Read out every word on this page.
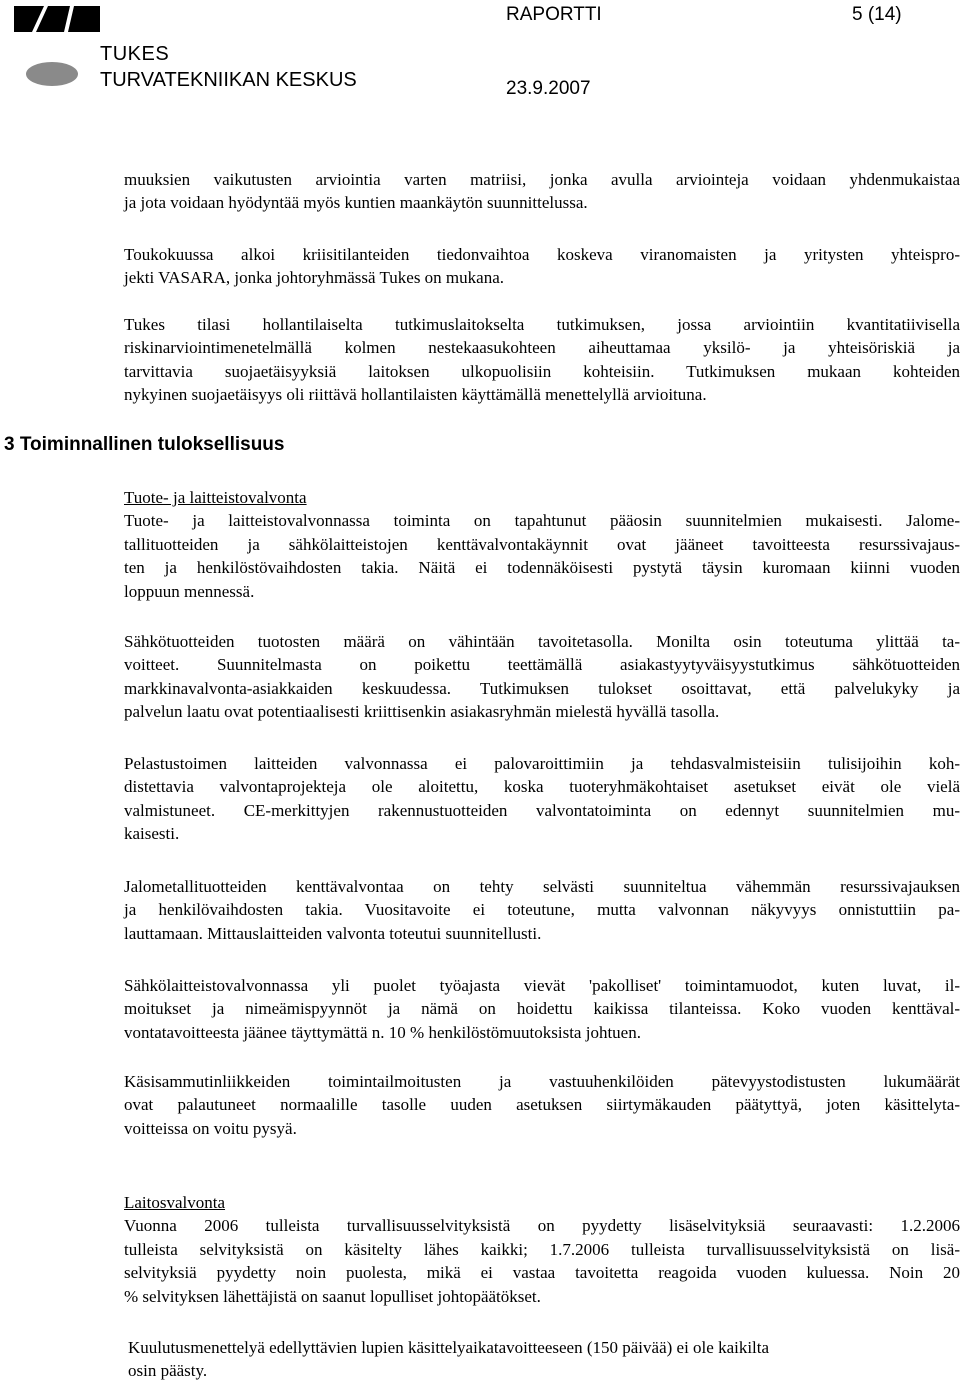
TUKES
TURVATEKNIIKAN KESKUS
RAPORTTI	5 (14)
23.9.2007

muuksien vaikutusten arviointia varten matriisi, jonka avulla arviointeja voidaan yhdenmukaistaa
ja jota voidaan hyödyntää myös kuntien maankäytön suunnittelussa.

Toukokuussa alkoi kriisitilanteiden tiedonvaihtoa koskeva viranomaisten ja yritysten yhteispro-
jekti VASARA, jonka johtoryhmässä Tukes on mukana.

Tukes tilasi hollantilaiselta tutkimuslaitokselta tutkimuksen, jossa arviointiin kvantitatiivisella
riskinarviointimenetelmällä kolmen nestekaasukohteen aiheuttamaa yksilö- ja yhteisöriskiä ja
tarvittavia suojaetäisyyksiä laitoksen ulkopuolisiin kohteisiin. Tutkimuksen mukaan kohteiden
nykyinen suojaetäisyys oli riittävä hollantilaisten käyttämällä menettelyllä arvioituna.

3 Toiminnallinen tuloksellisuus

Tuote- ja laitteistovalvonta
Tuote- ja laitteistovalvonnassa toiminta on tapahtunut pääosin suunnitelmien mukaisesti. Jalome-
tallituotteiden ja sähkölaitteistojen kenttävalvontakäynnit ovat jääneet tavoitteesta resurssivajaus-
ten ja henkilöstövaihdosten takia. Näitä ei todennäköisesti pystytä täysin kuromaan kiinni vuoden
loppuun mennessä.

Sähkötuotteiden tuotosten määrä on vähintään tavoitetasolla. Monilta osin toteutuma ylittää ta-
voitteet. Suunnitelmasta on poikettu teettämällä asiakastyytyväisyystutkimus sähkötuotteiden
markkinavalvonta-asiakkaiden keskuudessa. Tutkimuksen tulokset osoittavat, että palvelukyky ja
palvelun laatu ovat potentiaalisesti kriittisenkin asiakasryhmän mielestä hyvällä tasolla.

Pelastustoimen laitteiden valvonnassa ei palovaroittimiin ja tehdasvalmisteisiin tulisijoihin koh-
distettavia valvontaprojekteja ole aloitettu, koska tuoteryhmäkohtaiset asetukset eivät ole vielä
valmistuneet. CE-merkittyjen rakennustuotteiden valvontatoiminta on edennyt suunnitelmien mu-
kaisesti.

Jalometallituotteiden kenttävalvontaa on tehty selvästi suunniteltua vähemmän resurssivajauksen
ja henkilövaihdosten takia. Vuositavoite ei toteutune, mutta valvonnan näkyvyys onnistuttiin pa-
lauttamaan. Mittauslaitteiden valvonta toteutui suunnitellusti.

Sähkölaitteistovalvonnassa yli puolet työajasta vievät 'pakolliset' toimintamuodot, kuten luvat, il-
moitukset ja nimeämispyynnöt ja nämä on hoidettu kaikissa tilanteissa. Koko vuoden kenttäval-
vontatavoitteesta jäänee täyttymättä n. 10 % henkilöstömuutoksista johtuen.

Käsisammutinliikkeiden toimintailmoitusten ja vastuuhenkilöiden pätevyystodistusten lukumäärät
ovat palautuneet normaalille tasolle uuden asetuksen siirtymäkauden päätyttyä, joten käsittelyta-
voitteissa on voitu pysyä.

Laitosvalvonta
Vuonna 2006 tulleista turvallisuusselvityksistä on pyydetty lisäselvityksiä seuraavasti: 1.2.2006
tulleista selvityksistä on käsitelty lähes kaikki; 1.7.2006 tulleista turvallisuusselvityksistä on lisä-
selvityksiä pyydetty noin puolesta, mikä ei vastaa tavoitetta reagoida vuoden kuluessa. Noin 20
% selvityksen lähettäjistä on saanut lopulliset johtopäätökset.

Kuulutusmenettelyä edellyttävien lupien käsittelyaikatavoitteeseen (150 päivää) ei ole kaikilta
osin päästy.
